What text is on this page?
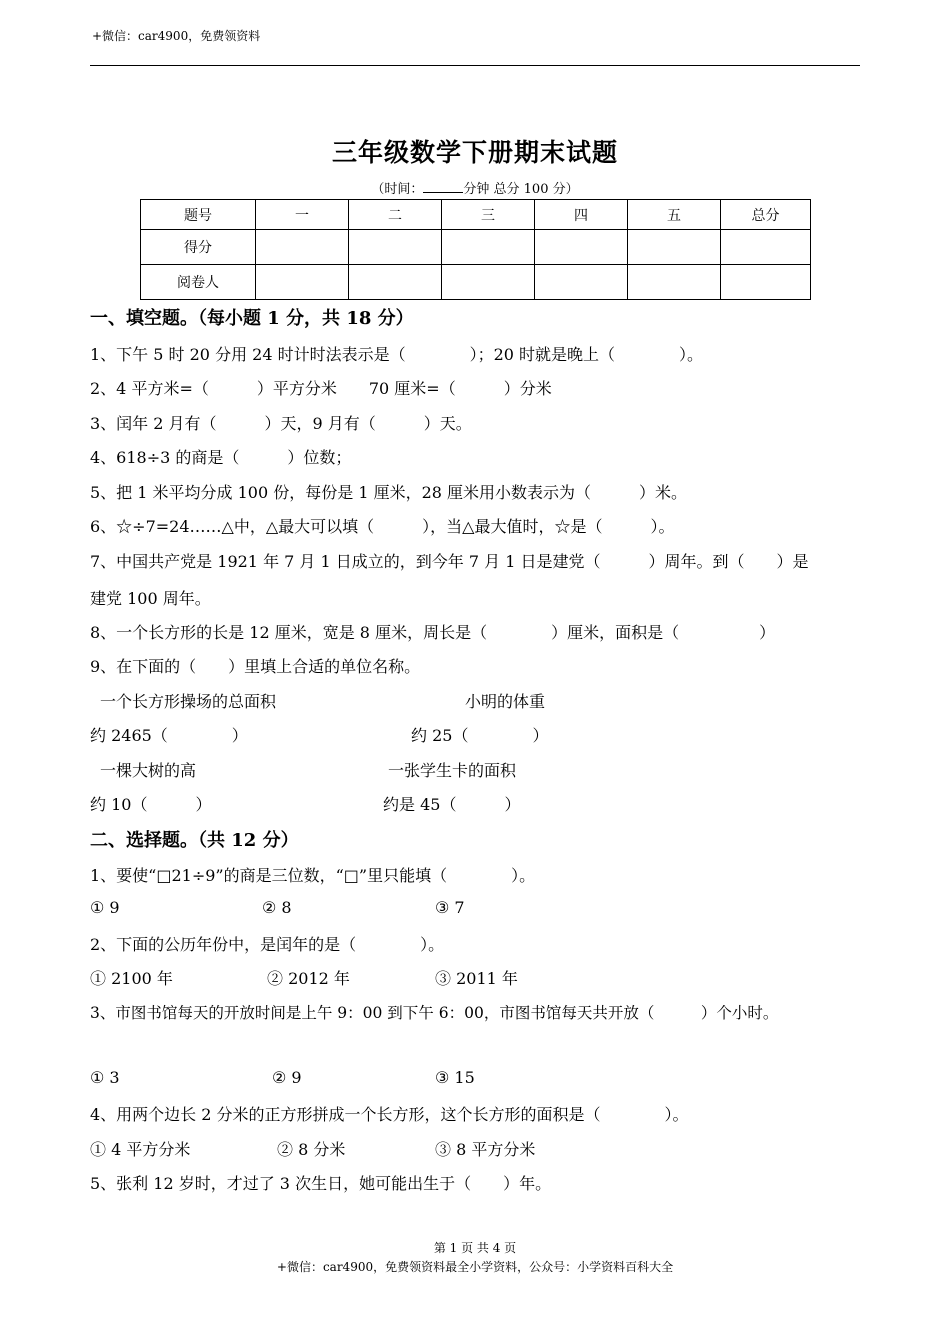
+微信：car4900，免费领资料
三年级数学下册期末试题
（时间：	分钟 总分 100 分）
题号	一	二	三	四	五	总分
得分						
阅卷人						
一、填空题。（每小题 1 分，共 18 分）
1、下午 5 时 20 分用 24 时计时法表示是（　　　　）；20 时就是晚上（　　　　）。
2、4 平方米=（　　　）平方分米　　70 厘米=（　　　）分米
3、闰年 2 月有（　　　）天，9 月有（　　　）天。
4、618÷3 的商是（　　　）位数；
5、把 1 米平均分成 100 份，每份是 1 厘米，28 厘米用小数表示为（　　　）米。
6、☆÷7=24……△中，△最大可以填（　　　），当△最大值时，☆是（　　　）。
7、中国共产党是 1921 年 7 月 1 日成立的，到今年 7 月 1 日是建党（　　　）周年。到（　　）是
建党 100 周年。
8、一个长方形的长是 12 厘米，宽是 8 厘米，周长是（　　　　）厘米，面积是（　　　　　）
9、在下面的（　　）里填上合适的单位名称。
一个长方形操场的总面积	小明的体重
约 2465（　　　　）	约 25（　　　　）
一棵大树的高	一张学生卡的面积
约 10（　　　）	约是 45（　　　）
二、选择题。（共 12 分）
1、要使“□21÷9”的商是三位数，“□”里只能填（　　　　）。
① 9	② 8	③ 7
2、下面的公历年份中，是闰年的是（　　　　）。
① 2100 年	② 2012 年	③ 2011 年
3、市图书馆每天的开放时间是上午 9：00 到下午 6：00，市图书馆每天共开放（　　　）个小时。
① 3	② 9	③ 15
4、用两个边长 2 分米的正方形拼成一个长方形，这个长方形的面积是（　　　　）。
① 4 平方分米	② 8 分米	③ 8 平方分米
5、张利 12 岁时，才过了 3 次生日，她可能出生于（　　）年。
第 1 页 共 4 页
+微信：car4900，免费领资料最全小学资料，公众号：小学资料百科大全
